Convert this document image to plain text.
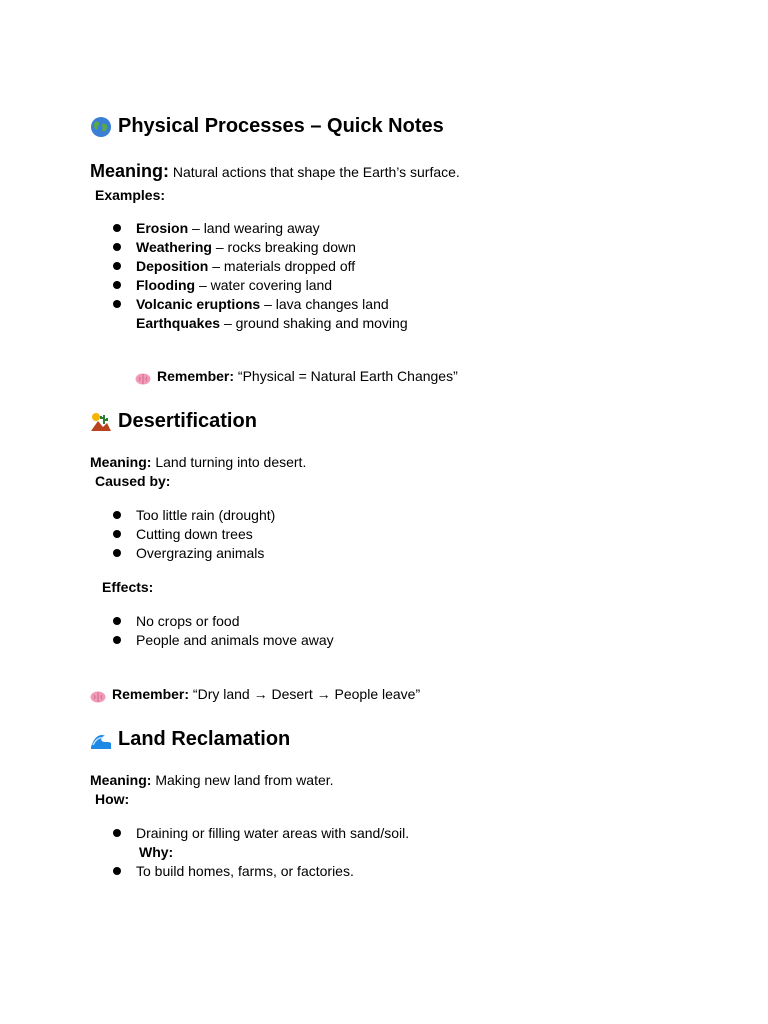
Physical Processes – Quick Notes
Meaning: Natural actions that shape the Earth’s surface.
Examples:
Erosion – land wearing away
Weathering – rocks breaking down
Deposition – materials dropped off
Flooding – water covering land
Volcanic eruptions – lava changes land
Earthquakes – ground shaking and moving
Remember: “Physical = Natural Earth Changes”
Desertification
Meaning: Land turning into desert.
Caused by:
Too little rain (drought)
Cutting down trees
Overgrazing animals
Effects:
No crops or food
People and animals move away
Remember: “Dry land → Desert → People leave”
Land Reclamation
Meaning: Making new land from water.
How:
Draining or filling water areas with sand/soil.
Why:
To build homes, farms, or factories.
